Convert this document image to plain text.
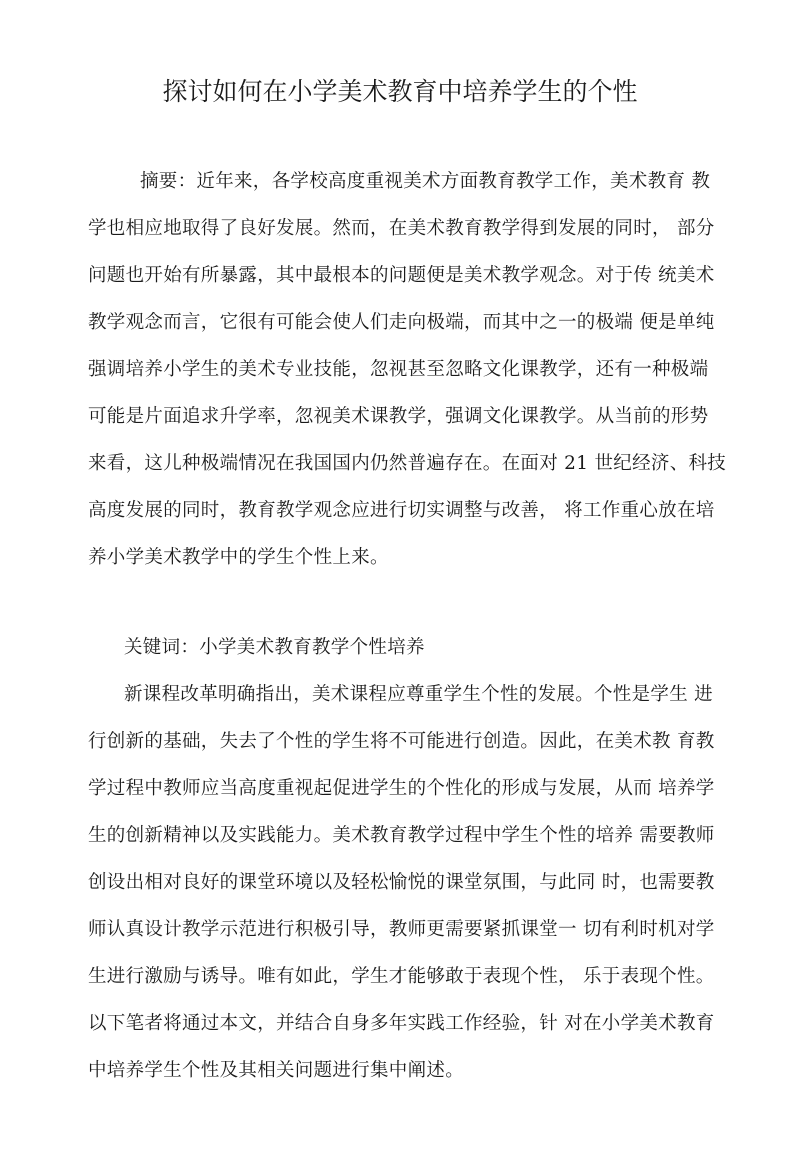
探讨如何在小学美术教育中培养学生的个性
摘要：近年来，各学校高度重视美术方面教育教学工作，美术教育 教
学也相应地取得了良好发展。然而，在美术教育教学得到发展的同时， 部分
问题也开始有所暴露，其中最根本的问题便是美术教学观念。对于传 统美术
教学观念而言，它很有可能会使人们走向极端，而其中之一的极端 便是单纯
强调培养小学生的美术专业技能，忽视甚至忽略文化课教学，还有一种极端
可能是片面追求升学率，忽视美术课教学，强调文化课教学。从当前的形势
来看，这儿种极端情况在我国国内仍然普遍存在。在面对 21 世纪经济、科技
高度发展的同时，教育教学观念应进行切实调整与改善， 将工作重心放在培
养小学美术教学中的学生个性上来。
关键词：小学美术教育教学个性培养
新课程改革明确指出，美术课程应尊重学生个性的发展。个性是学生 进
行创新的基础，失去了个性的学生将不可能进行创造。因此，在美术教 育教
学过程中教师应当高度重视起促进学生的个性化的形成与发展，从而 培养学
生的创新精神以及实践能力。美术教育教学过程中学生个性的培养 需要教师
创设出相对良好的课堂环境以及轻松愉悦的课堂氛围，与此同 时，也需要教
师认真设计教学示范进行积极引导，教师更需要紧抓课堂一 切有利时机对学
生进行激励与诱导。唯有如此，学生才能够敢于表现个性， 乐于表现个性。
以下笔者将通过本文，并结合自身多年实践工作经验，针 对在小学美术教育
中培养学生个性及其相关问题进行集中阐述。
